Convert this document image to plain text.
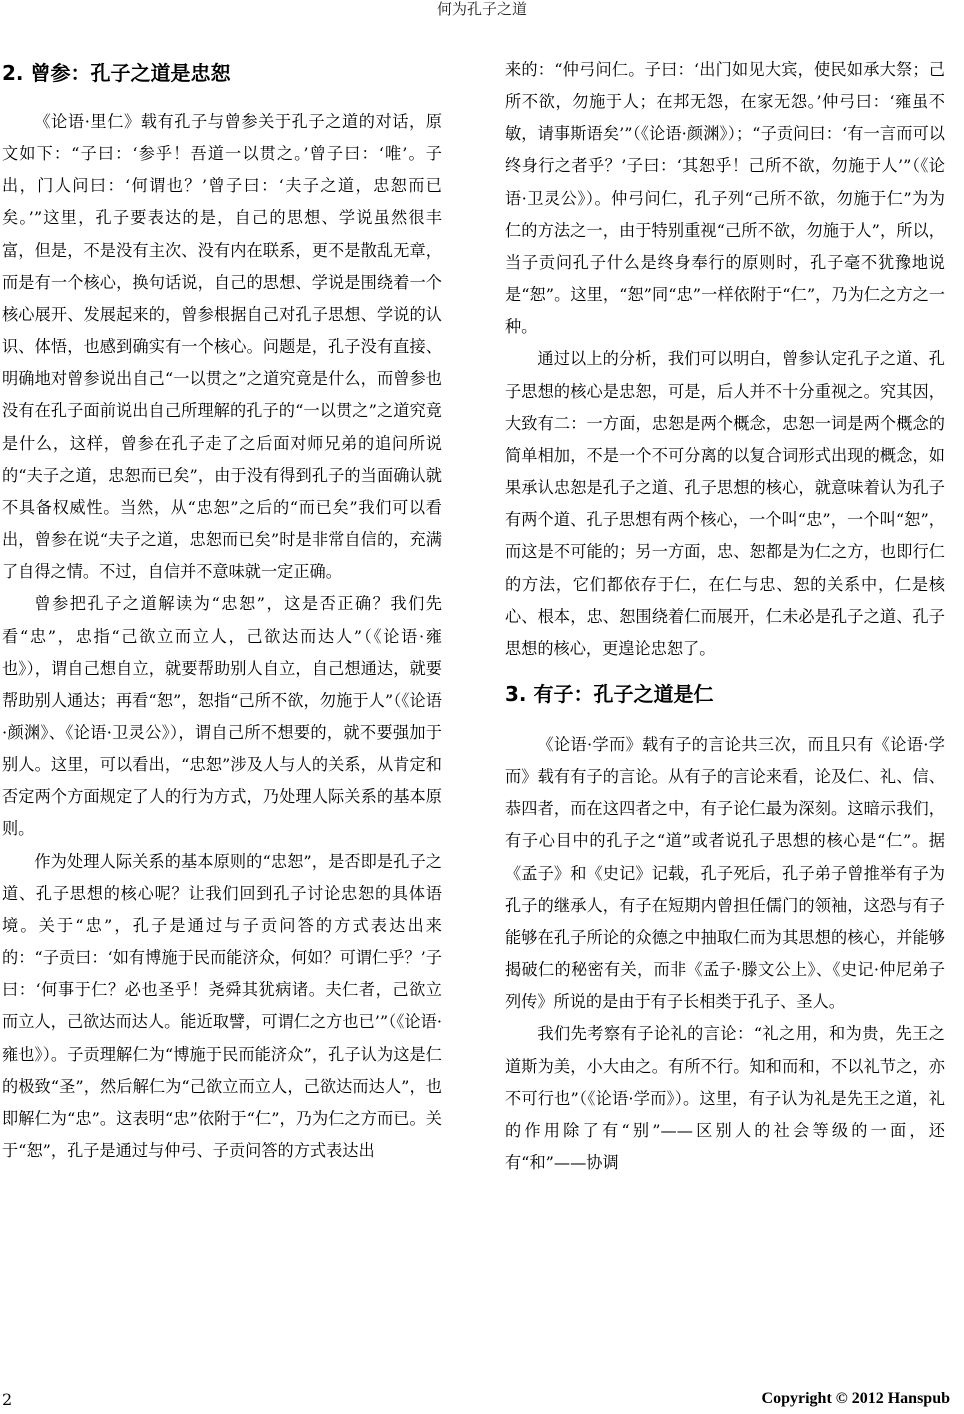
何为孔子之道
2. 曾参：孔子之道是忠恕

《论语·里仁》载有孔子与曾参关于孔子之道的对话，原文如下：“子曰：‘参乎！吾道一以贯之。’曾子曰：‘唯’。子出，门人问曰：‘何谓也？’曾子曰：‘夫子之道，忠恕而已矣。’”这里，孔子要表达的是，自己的思想、学说虽然很丰富，但是，不是没有主次、没有内在联系，更不是散乱无章，而是有一个核心，换句话说，自己的思想、学说是围绕着一个核心展开、发展起来的，曾参根据自己对孔子思想、学说的认识、体悟，也感到确实有一个核心。问题是，孔子没有直接、明确地对曾参说出自己“一以贯之”之道究竟是什么，而曾参也没有在孔子面前说出自己所理解的孔子的“一以贯之”之道究竟是什么，这样，曾参在孔子走了之后面对师兄弟的追问所说的“夫子之道，忠恕而已矣”，由于没有得到孔子的当面确认就不具备权威性。当然，从“忠恕”之后的“而已矣”我们可以看出，曾参在说“夫子之道，忠恕而已矣”时是非常自信的，充满了自得之情。不过，自信并不意味就一定正确。

曾参把孔子之道解读为“忠恕”，这是否正确？我们先看“忠”，忠指“己欲立而立人，己欲达而达人”（《论语·雍也》），谓自己想自立，就要帮助别人自立，自己想通达，就要帮助别人通达；再看“恕”，恕指“己所不欲，勿施于人”（《论语·颜渊》、《论语·卫灵公》），谓自己所不想要的，就不要强加于别人。这里，可以看出，“忠恕”涉及人与人的关系，从肯定和否定两个方面规定了人的行为方式，乃处理人际关系的基本原则。

作为处理人际关系的基本原则的“忠恕”，是否即是孔子之道、孔子思想的核心呢？让我们回到孔子讨论忠恕的具体语境。关于“忠”，孔子是通过与子贡问答的方式表达出来的：“子贡曰：‘如有博施于民而能济众，何如？可谓仁乎？’子曰：‘何事于仁？必也圣乎！尧舜其犹病诸。夫仁者，己欲立而立人，己欲达而达人。能近取譬，可谓仁之方也已’”（《论语·雍也》）。子贡理解仁为“博施于民而能济众”，孔子认为这是仁的极致“圣”，然后解仁为“己欲立而立人，己欲达而达人”，也即解仁为“忠”。这表明“忠”依附于“仁”，乃为仁之方而已。关于“恕”，孔子是通过与仲弓、子贡问答的方式表达出

来的：“仲弓问仁。子曰：‘出门如见大宾，使民如承大祭；己所不欲，勿施于人；在邦无怨，在家无怨。’仲弓曰：‘雍虽不敏，请事斯语矣’”（《论语·颜渊》）；“子贡问曰：‘有一言而可以终身行之者乎？’子曰：‘其恕乎！己所不欲，勿施于人’”（《论语·卫灵公》）。仲弓问仁，孔子列“己所不欲，勿施于仁”为为仁的方法之一，由于特别重视“己所不欲，勿施于人”，所以，当子贡问孔子什么是终身奉行的原则时，孔子毫不犹豫地说是“恕”。这里，“恕”同“忠”一样依附于“仁”，乃为仁之方之一种。

通过以上的分析，我们可以明白，曾参认定孔子之道、孔子思想的核心是忠恕，可是，后人并不十分重视之。究其因，大致有二：一方面，忠恕是两个概念，忠恕一词是两个概念的简单相加，不是一个不可分离的以复合词形式出现的概念，如果承认忠恕是孔子之道、孔子思想的核心，就意味着认为孔子有两个道、孔子思想有两个核心，一个叫“忠”，一个叫“恕”，而这是不可能的；另一方面，忠、恕都是为仁之方，也即行仁的方法，它们都依存于仁，在仁与忠、恕的关系中，仁是核心、根本，忠、恕围绕着仁而展开，仁未必是孔子之道、孔子思想的核心，更遑论忠恕了。

3. 有子：孔子之道是仁

《论语·学而》载有子的言论共三次，而且只有《论语·学而》载有有子的言论。从有子的言论来看，论及仁、礼、信、恭四者，而在这四者之中，有子论仁最为深刻。这暗示我们，有子心目中的孔子之“道”或者说孔子思想的核心是“仁”。据《孟子》和《史记》记载，孔子死后，孔子弟子曾推举有子为孔子的继承人，有子在短期内曾担任儒门的领袖，这恐与有子能够在孔子所论的众德之中抽取仁而为其思想的核心，并能够揭破仁的秘密有关，而非《孟子·滕文公上》、《史记·仲尼弟子列传》所说的是由于有子长相类于孔子、圣人。

我们先考察有子论礼的言论：“礼之用，和为贵，先王之道斯为美，小大由之。有所不行。知和而和，不以礼节之，亦不可行也”（《论语·学而》）。这里，有子认为礼是先王之道，礼的作用除了有“别”——区别人的社会等级的一面，还有“和”——协调

2	Copyright © 2012 Hanspub
